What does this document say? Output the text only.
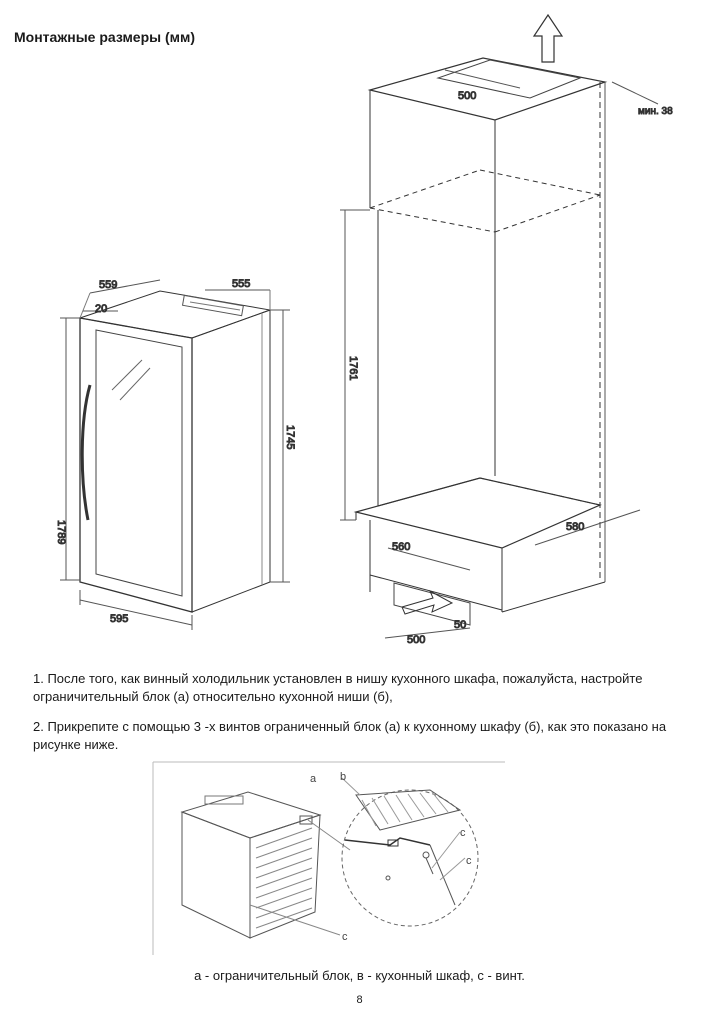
Монтажные размеры (мм)
559	555
20
1789
1745
595
500
мин. 38
1761
580
560
500
50
1. После того, как винный холодильник установлен в нишу кухонного шкафа, пожалуйста, настройте ограничительный блок (а) относительно кухонной ниши (б),
2. Прикрепите с помощью 3 -х винтов ограниченный блок (а) к кухонному шкафу (б), как это показано на рисунке ниже.
a b
c
c
c
а - ограничительный блок, в - кухонный шкаф, с - винт.
8
